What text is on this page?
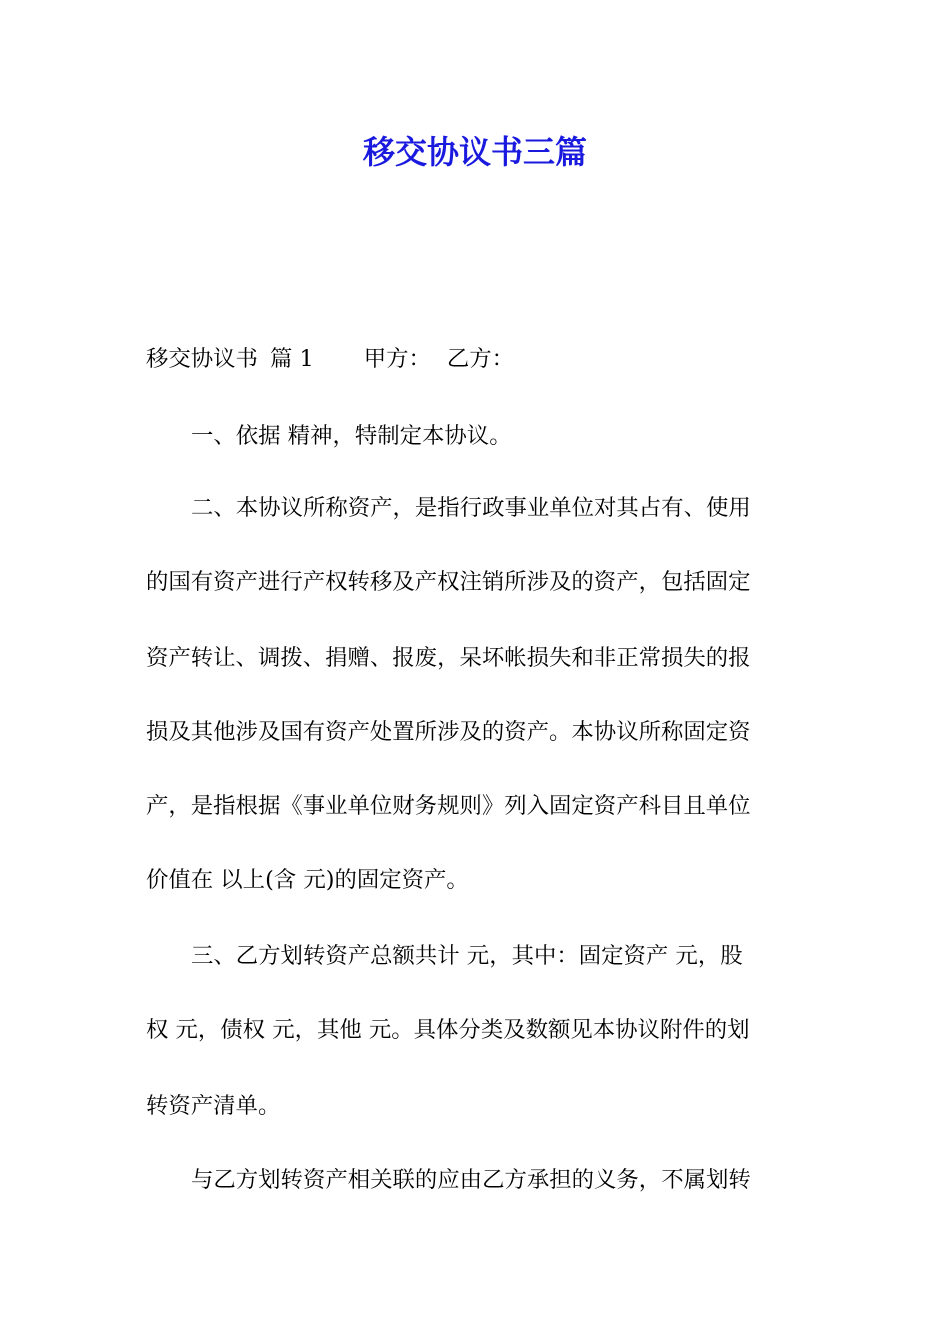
移交协议书三篇

移交协议书 篇 1 甲方： 乙方：

一、依据 精神，特制定本协议。

二、本协议所称资产，是指行政事业单位对其占有、使用

的国有资产进行产权转移及产权注销所涉及的资产，包括固定

资产转让、调拨、捐赠、报废，呆坏帐损失和非正常损失的报

损及其他涉及国有资产处置所涉及的资产。本协议所称固定资

产，是指根据《事业单位财务规则》列入固定资产科目且单位

价值在 以上(含 元)的固定资产。

三、乙方划转资产总额共计 元，其中：固定资产 元，股

权 元，债权 元，其他 元。具体分类及数额见本协议附件的划

转资产清单。

与乙方划转资产相关联的应由乙方承担的义务，不属划转
